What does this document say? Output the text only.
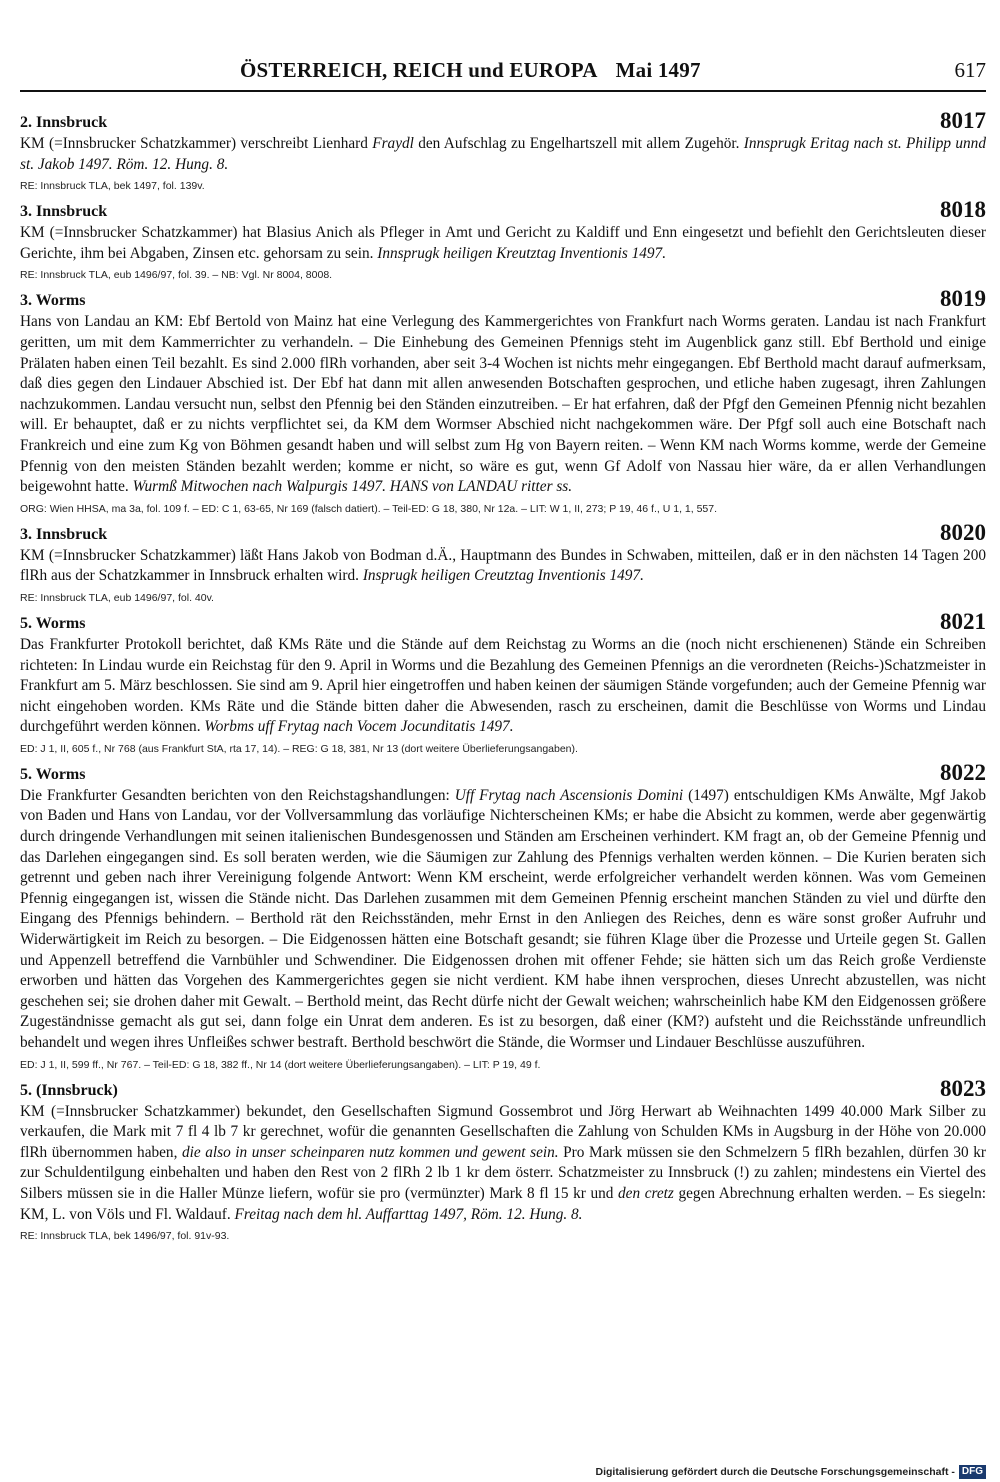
ÖSTERREICH, REICH und EUROPA Mai 1497	617
2. Innsbruck	8017

KM (=Innsbrucker Schatzkammer) verschreibt Lienhard Fraydl den Aufschlag zu Engelhartszell mit allem Zugehör. Innsprugk Eritag nach st. Philipp unnd st. Jakob 1497. Röm. 12. Hung. 8.

RE: Innsbruck TLA, bek 1497, fol. 139v.
3. Innsbruck	8018

KM (=Innsbrucker Schatzkammer) hat Blasius Anich als Pfleger in Amt und Gericht zu Kaldiff und Enn eingesetzt und befiehlt den Gerichtsleuten dieser Gerichte, ihm bei Abgaben, Zinsen etc. gehorsam zu sein. Innsprugk heiligen Kreutztag Inventionis 1497.

RE: Innsbruck TLA, eub 1496/97, fol. 39. – NB: Vgl. Nr 8004, 8008.
3. Worms	8019

Hans von Landau an KM: Ebf Bertold von Mainz hat eine Verlegung des Kammergerichtes von Frankfurt nach Worms geraten. Landau ist nach Frankfurt geritten, um mit dem Kammerrichter zu verhandeln. – Die Einhebung des Gemeinen Pfennigs steht im Augenblick ganz still. Ebf Berthold und einige Prälaten haben einen Teil bezahlt. Es sind 2.000 flRh vorhanden, aber seit 3-4 Wochen ist nichts mehr eingegangen. Ebf Berthold macht darauf aufmerksam, daß dies gegen den Lindauer Abschied ist. Der Ebf hat dann mit allen anwesenden Botschaften gesprochen, und etliche haben zugesagt, ihren Zahlungen nachzukommen. Landau versucht nun, selbst den Pfennig bei den Ständen einzutreiben. – Er hat erfahren, daß der Pfgf den Gemeinen Pfennig nicht bezahlen will. Er behauptet, daß er zu nichts verpflichtet sei, da KM dem Wormser Abschied nicht nachgekommen wäre. Der Pfgf soll auch eine Botschaft nach Frankreich und eine zum Kg von Böhmen gesandt haben und will selbst zum Hg von Bayern reiten. – Wenn KM nach Worms komme, werde der Gemeine Pfennig von den meisten Ständen bezahlt werden; komme er nicht, so wäre es gut, wenn Gf Adolf von Nassau hier wäre, da er allen Verhandlungen beigewohnt hatte. Wurmß Mitwochen nach Walpurgis 1497. HANS von LANDAU ritter ss.

ORG: Wien HHSA, ma 3a, fol. 109 f. – ED: C 1, 63-65, Nr 169 (falsch datiert). – Teil-ED: G 18, 380, Nr 12a. – LIT: W 1, II, 273; P 19, 46 f., U 1, 1, 557.
3. Innsbruck	8020

KM (=Innsbrucker Schatzkammer) läßt Hans Jakob von Bodman d.Ä., Hauptmann des Bundes in Schwaben, mitteilen, daß er in den nächsten 14 Tagen 200 flRh aus der Schatzkammer in Innsbruck erhalten wird. Insprugk heiligen Creutztag Inventionis 1497.

RE: Innsbruck TLA, eub 1496/97, fol. 40v.
5. Worms	8021

Das Frankfurter Protokoll berichtet, daß KMs Räte und die Stände auf dem Reichstag zu Worms an die (noch nicht erschienenen) Stände ein Schreiben richteten: In Lindau wurde ein Reichstag für den 9. April in Worms und die Bezahlung des Gemeinen Pfennigs an die verordneten (Reichs-)Schatzmeister in Frankfurt am 5. März beschlossen. Sie sind am 9. April hier eingetroffen und haben keinen der säumigen Stände vorgefunden; auch der Gemeine Pfennig war nicht eingehoben worden. KMs Räte und die Stände bitten daher die Abwesenden, rasch zu erscheinen, damit die Beschlüsse von Worms und Lindau durchgeführt werden können. Worbms uff Frytag nach Vocem Jocunditatis 1497.

ED: J 1, II, 605 f., Nr 768 (aus Frankfurt StA, rta 17, 14). – REG: G 18, 381, Nr 13 (dort weitere Überlieferungsangaben).
5. Worms	8022

Die Frankfurter Gesandten berichten von den Reichstagshandlungen: Uff Frytag nach Ascensionis Domini (1497) entschuldigen KMs Anwälte, Mgf Jakob von Baden und Hans von Landau, vor der Vollversammlung das vorläufige Nichterscheinen KMs; er habe die Absicht zu kommen, werde aber gegenwärtig durch dringende Verhandlungen mit seinen italienischen Bundesgenossen und Ständen am Erscheinen verhindert. KM fragt an, ob der Gemeine Pfennig und das Darlehen eingegangen sind. Es soll beraten werden, wie die Säumigen zur Zahlung des Pfennigs verhalten werden können. – Die Kurien beraten sich getrennt und geben nach ihrer Vereinigung folgende Antwort: Wenn KM erscheint, werde erfolgreicher verhandelt werden können. Was vom Gemeinen Pfennig eingegangen ist, wissen die Stände nicht. Das Darlehen zusammen mit dem Gemeinen Pfennig erscheint manchen Ständen zu viel und dürfte den Eingang des Pfennigs behindern. – Berthold rät den Reichsständen, mehr Ernst in den Anliegen des Reiches, denn es wäre sonst großer Aufruhr und Widerwärtigkeit im Reich zu besorgen. – Die Eidgenossen hätten eine Botschaft gesandt; sie führen Klage über die Prozesse und Urteile gegen St. Gallen und Appenzell betreffend die Varnbühler und Schwendiner. Die Eidgenossen drohen mit offener Fehde; sie hätten sich um das Reich große Verdienste erworben und hätten das Vorgehen des Kammergerichtes gegen sie nicht verdient. KM habe ihnen versprochen, dieses Unrecht abzustellen, was nicht geschehen sei; sie drohen daher mit Gewalt. – Berthold meint, das Recht dürfe nicht der Gewalt weichen; wahrscheinlich habe KM den Eidgenossen größere Zugeständnisse gemacht als gut sei, dann folge ein Unrat dem anderen. Es ist zu besorgen, daß einer (KM?) aufsteht und die Reichsstände unfreundlich behandelt und wegen ihres Unfleißes schwer bestraft. Berthold beschwört die Stände, die Wormser und Lindauer Beschlüsse auszuführen.

ED: J 1, II, 599 ff., Nr 767. – Teil-ED: G 18, 382 ff., Nr 14 (dort weitere Überlieferungsangaben). – LIT: P 19, 49 f.
5. (Innsbruck)	8023

KM (=Innsbrucker Schatzkammer) bekundet, den Gesellschaften Sigmund Gossembrot und Jörg Herwart ab Weihnachten 1499 40.000 Mark Silber zu verkaufen, die Mark mit 7 fl 4 lb 7 kr gerechnet, wofür die genannten Gesellschaften die Zahlung von Schulden KMs in Augsburg in der Höhe von 20.000 flRh übernommen haben, die also in unser scheinparen nutz kommen und gewent sein. Pro Mark müssen sie den Schmelzern 5 flRh bezahlen, dürfen 30 kr zur Schuldentilgung einbehalten und haben den Rest von 2 flRh 2 lb 1 kr dem österr. Schatzmeister zu Innsbruck (!) zu zahlen; mindestens ein Viertel des Silbers müssen sie in die Haller Münze liefern, wofür sie pro (vermünzter) Mark 8 fl 15 kr und den cretz gegen Abrechnung erhalten werden. – Es siegeln: KM, L. von Völs und Fl. Waldauf. Freitag nach dem hl. Auffarttag 1497, Röm. 12. Hung. 8.

RE: Innsbruck TLA, bek 1496/97, fol. 91v-93.
Digitalisierung gefördert durch die Deutsche Forschungsgemeinschaft - DFG
